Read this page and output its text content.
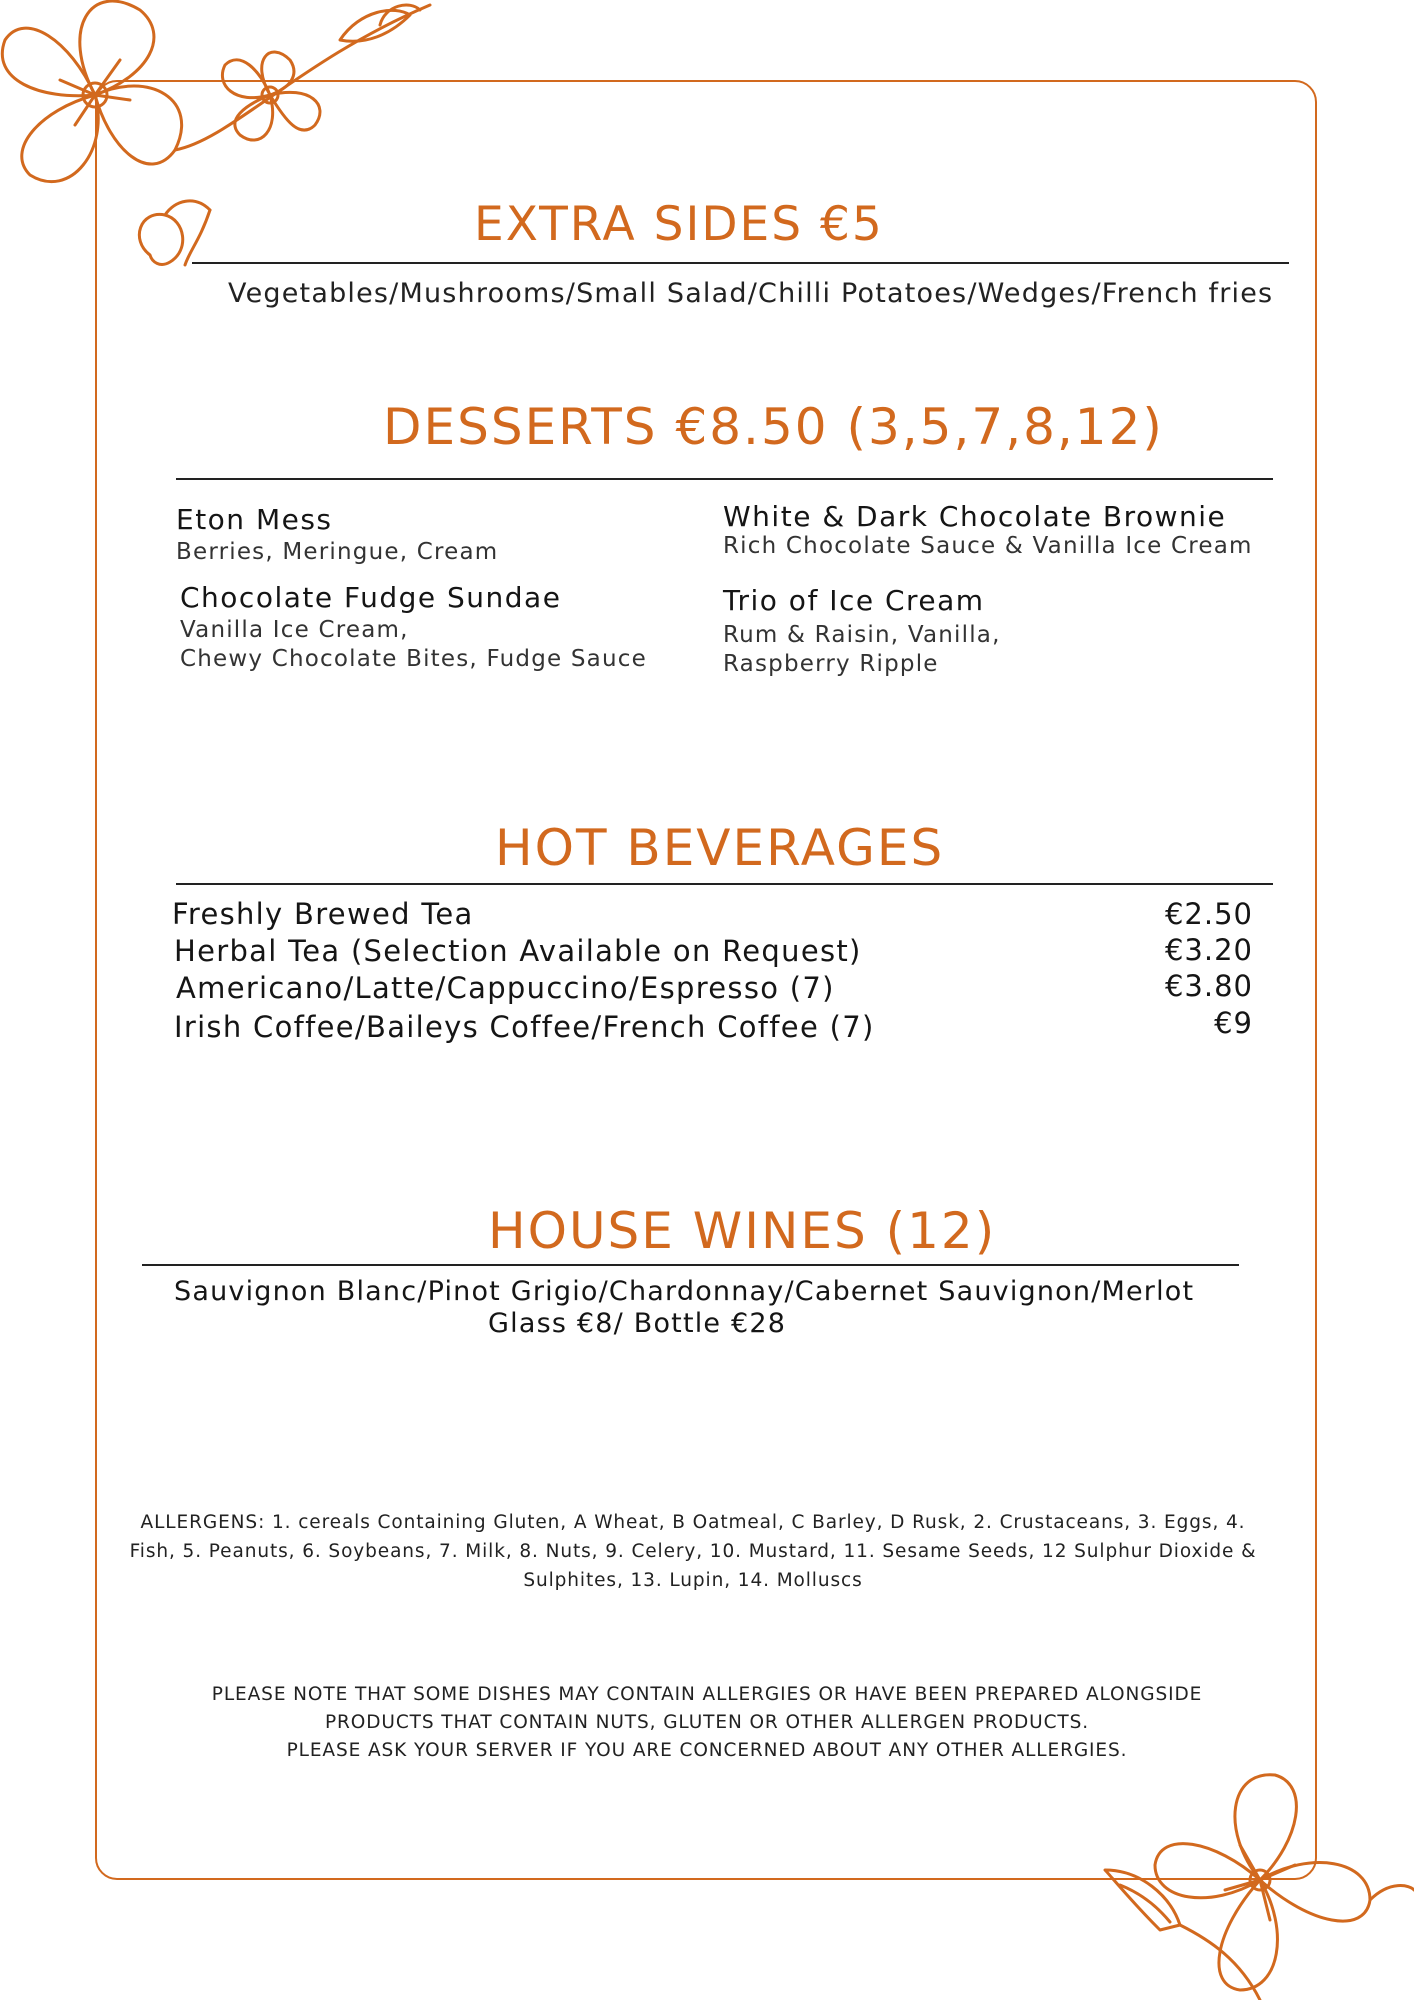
EXTRA SIDES €5
Vegetables/Mushrooms/Small Salad/Chilli Potatoes/Wedges/French fries
DESSERTS €8.50 (3,5,7,8,12)
Eton Mess
Berries, Meringue, Cream
White & Dark Chocolate Brownie
Rich Chocolate Sauce & Vanilla Ice Cream
Chocolate Fudge Sundae
Vanilla Ice Cream,
Chewy Chocolate Bites, Fudge Sauce
Trio of Ice Cream
Rum & Raisin, Vanilla,
Raspberry Ripple
HOT BEVERAGES
Freshly Brewed Tea	€2.50
Herbal Tea (Selection Available on Request)	€3.20
Americano/Latte/Cappuccino/Espresso (7)	€3.80
Irish Coffee/Baileys Coffee/French Coffee (7)	€9
HOUSE WINES (12)
Sauvignon Blanc/Pinot Grigio/Chardonnay/Cabernet Sauvignon/Merlot
Glass €8/ Bottle €28
ALLERGENS: 1. cereals Containing Gluten, A Wheat, B Oatmeal, C Barley, D Rusk, 2. Crustaceans, 3. Eggs, 4. Fish, 5. Peanuts, 6. Soybeans, 7. Milk, 8. Nuts, 9. Celery, 10. Mustard, 11. Sesame Seeds, 12 Sulphur Dioxide & Sulphites, 13. Lupin, 14. Molluscs
PLEASE NOTE THAT SOME DISHES MAY CONTAIN ALLERGIES OR HAVE BEEN PREPARED ALONGSIDE
PRODUCTS THAT CONTAIN NUTS, GLUTEN OR OTHER ALLERGEN PRODUCTS.
PLEASE ASK YOUR SERVER IF YOU ARE CONCERNED ABOUT ANY OTHER ALLERGIES.
